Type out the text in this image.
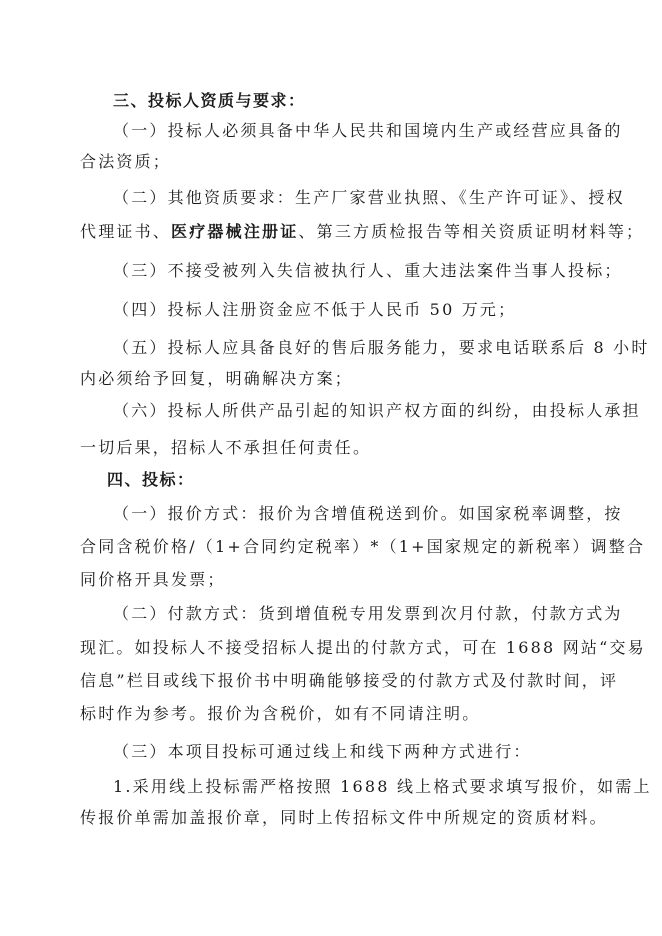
三、投标人资质与要求：
（一）投标人必须具备中华人民共和国境内生产或经营应具备的
合法资质；
（二）其他资质要求：生产厂家营业执照、《生产许可证》、授权
代理证书、医疗器械注册证、第三方质检报告等相关资质证明材料等；
（三）不接受被列入失信被执行人、重大违法案件当事人投标；
（四）投标人注册资金应不低于人民币 50 万元；
（五）投标人应具备良好的售后服务能力，要求电话联系后 8 小时
内必须给予回复，明确解决方案；
（六）投标人所供产品引起的知识产权方面的纠纷，由投标人承担
一切后果，招标人不承担任何责任。
四、投标：
（一）报价方式：报价为含增值税送到价。如国家税率调整，按
合同含税价格/（1+合同约定税率）*（1+国家规定的新税率）调整合
同价格开具发票；
（二）付款方式：货到增值税专用发票到次月付款，付款方式为
现汇。如投标人不接受招标人提出的付款方式，可在 1688 网站“交易
信息”栏目或线下报价书中明确能够接受的付款方式及付款时间，评
标时作为参考。报价为含税价，如有不同请注明。
（三）本项目投标可通过线上和线下两种方式进行：
1.采用线上投标需严格按照 1688 线上格式要求填写报价，如需上
传报价单需加盖报价章，同时上传招标文件中所规定的资质材料。
